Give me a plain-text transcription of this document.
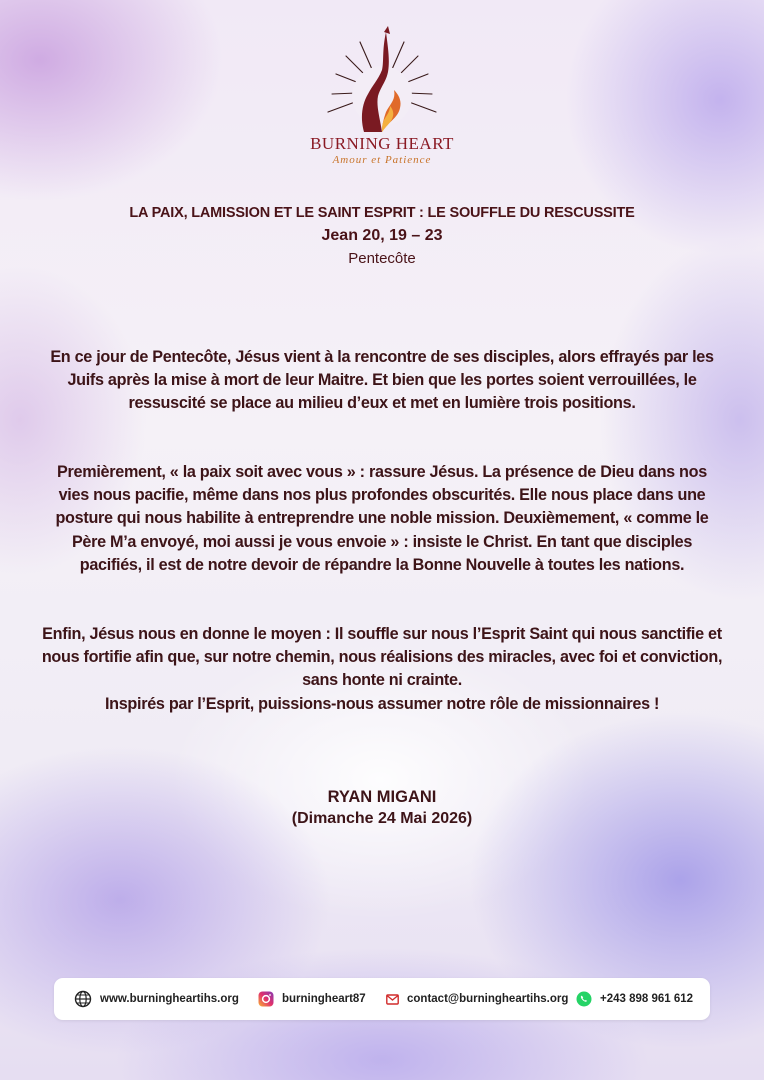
BURNING HEART
Amour et Patience
LA PAIX, LAMISSION ET LE SAINT ESPRIT : LE SOUFFLE DU RESCUSSITE
Jean 20, 19 – 23
Pentecôte
En ce jour de Pentecôte, Jésus vient à la rencontre de ses disciples, alors effrayés par les Juifs après la mise à mort de leur Maitre. Et bien que les portes soient verrouillées, le ressuscité se place au milieu d’eux et met en lumière trois positions.
Premièrement, « la paix soit avec vous » : rassure Jésus. La présence de Dieu dans nos vies nous pacifie, même dans nos plus profondes obscurités. Elle nous place dans une posture qui nous habilite à entreprendre une noble mission. Deuxièmement, « comme le Père M’a envoyé, moi aussi je vous envoie » : insiste le Christ. En tant que disciples pacifiés, il est de notre devoir de répandre la Bonne Nouvelle à toutes les nations.
Enfin, Jésus nous en donne le moyen : Il souffle sur nous l’Esprit Saint qui nous sanctifie et nous fortifie afin que, sur notre chemin, nous réalisions des miracles, avec foi et conviction, sans honte ni crainte.
Inspirés par l’Esprit, puissions-nous assumer notre rôle de missionnaires !
RYAN MIGANI
(Dimanche 24 Mai 2026)
www.burningheartihs.org	burningheart87	contact@burningheartihs.org	+243 898 961 612
